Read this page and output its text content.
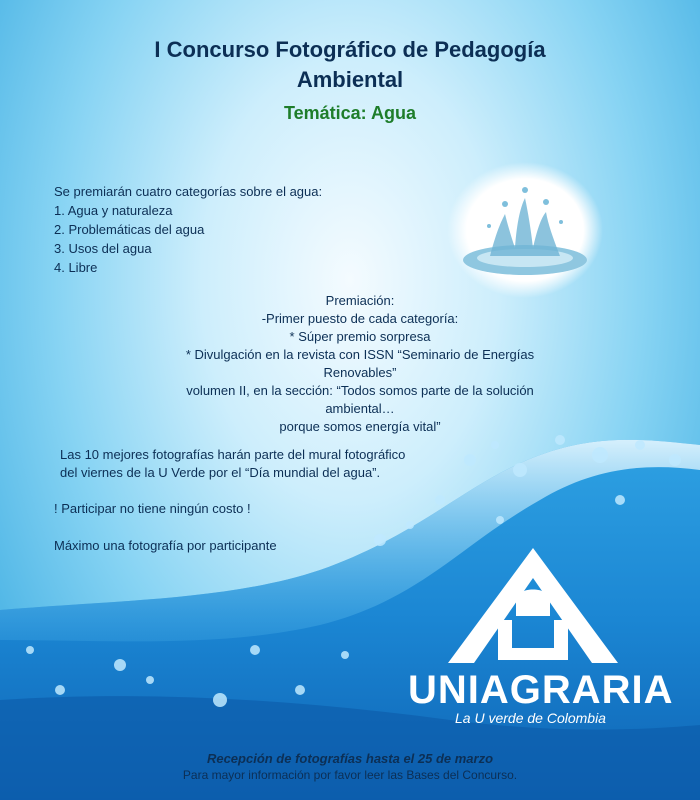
I Concurso Fotográfico de Pedagogía
Ambiental
Temática: Agua
Se premiarán cuatro categorías sobre el agua:
1. Agua y naturaleza
2. Problemáticas del agua
3. Usos del agua
4. Libre
Premiación:
-Primer puesto de cada categoría:
* Súper premio sorpresa
* Divulgación en la revista con ISSN “Seminario de Energías Renovables”
volumen II, en la sección: “Todos somos parte de la solución ambiental…
porque somos energía vital”
Las 10 mejores fotografías harán parte del mural fotográfico
del viernes de la U Verde por el “Día mundial del agua”.
! Participar no tiene ningún costo !
Máximo una fotografía por participante
UNIAGRARIA
La U verde de Colombia
Recepción de fotografías hasta el 25 de marzo
Para mayor información por favor leer las Bases del Concurso.
